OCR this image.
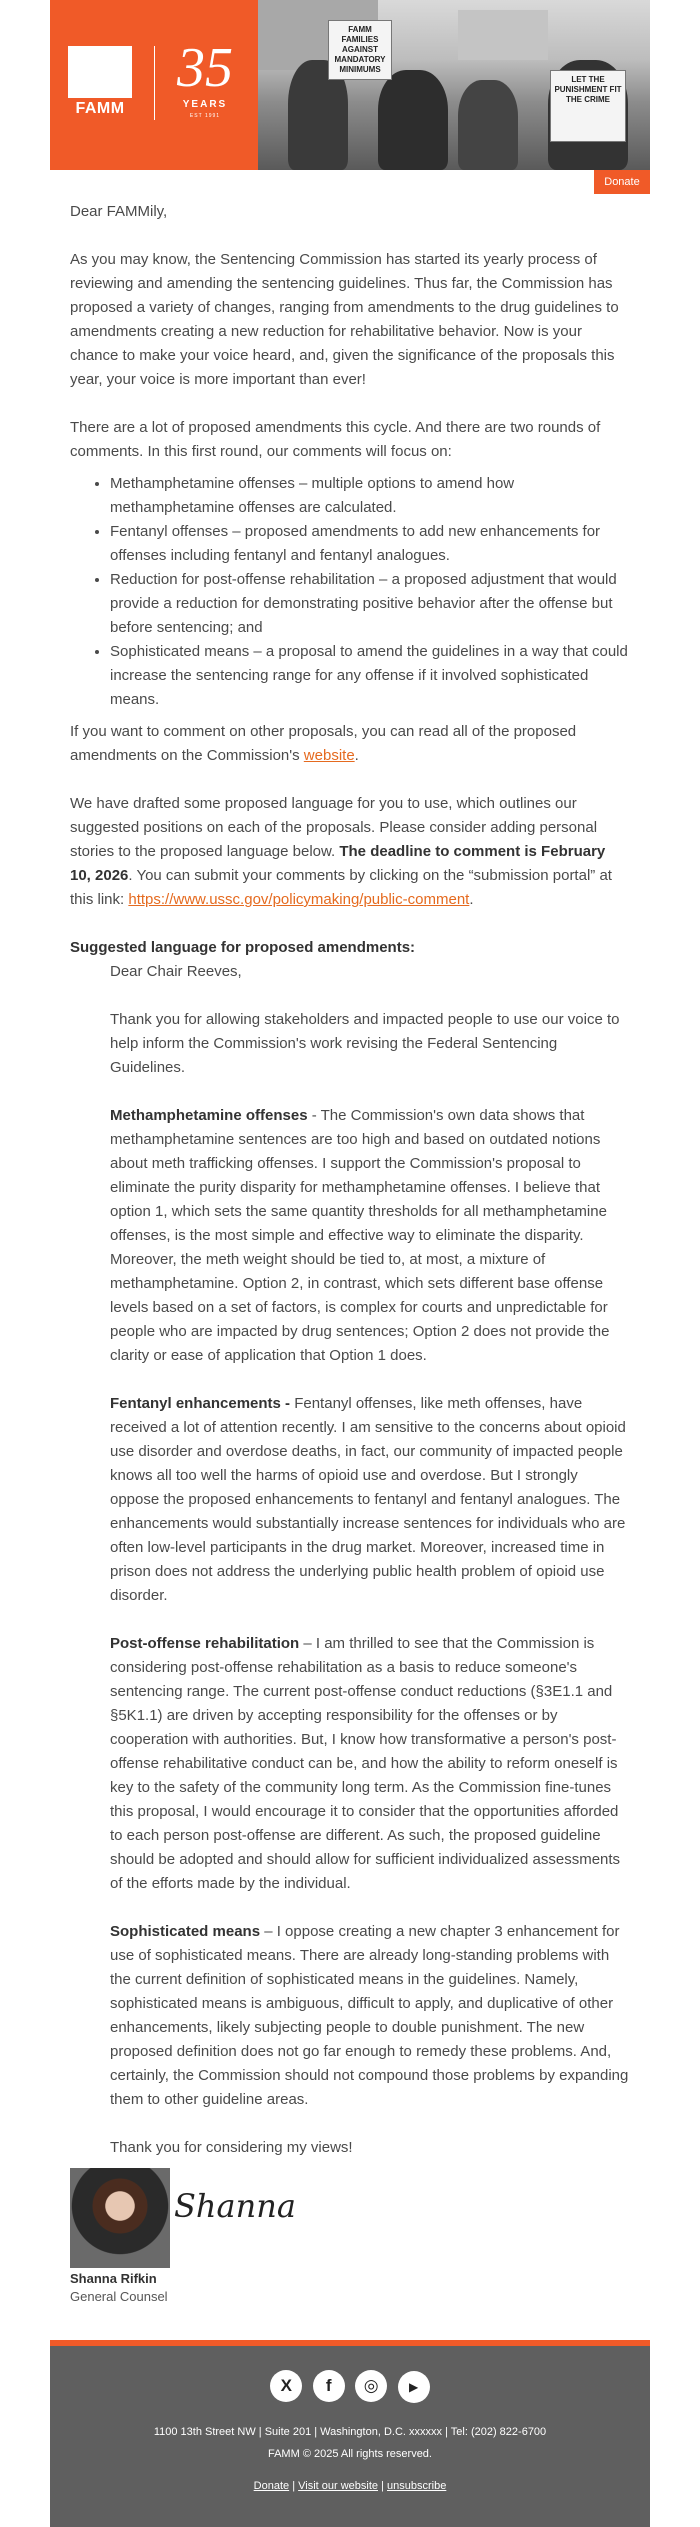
FAMM
35
YEARS
EST 1991
FAMM FAMILIES AGAINST MANDATORY MINIMUMS
LET THE PUNISHMENT FIT THE CRIME
Donate
Dear FAMMily,
As you may know, the Sentencing Commission has started its yearly process of reviewing and amending the sentencing guidelines. Thus far, the Commission has proposed a variety of changes, ranging from amendments to the drug guidelines to amendments creating a new reduction for rehabilitative behavior. Now is your chance to make your voice heard, and, given the significance of the proposals this year, your voice is more important than ever!
There are a lot of proposed amendments this cycle. And there are two rounds of comments. In this first round, our comments will focus on:
• Methamphetamine offenses – multiple options to amend how methamphetamine offenses are calculated.
• Fentanyl offenses – proposed amendments to add new enhancements for offenses including fentanyl and fentanyl analogues.
• Reduction for post-offense rehabilitation – a proposed adjustment that would provide a reduction for demonstrating positive behavior after the offense but before sentencing; and
• Sophisticated means – a proposal to amend the guidelines in a way that could increase the sentencing range for any offense if it involved sophisticated means.
If you want to comment on other proposals, you can read all of the proposed amendments on the Commission's website.
We have drafted some proposed language for you to use, which outlines our suggested positions on each of the proposals. Please consider adding personal stories to the proposed language below. The deadline to comment is February 10, 2026. You can submit your comments by clicking on the “submission portal” at this link: https://www.ussc.gov/policymaking/public-comment.
Suggested language for proposed amendments:
Dear Chair Reeves,
Thank you for allowing stakeholders and impacted people to use our voice to help inform the Commission's work revising the Federal Sentencing Guidelines.
Methamphetamine offenses - The Commission's own data shows that methamphetamine sentences are too high and based on outdated notions about meth trafficking offenses. I support the Commission's proposal to eliminate the purity disparity for methamphetamine offenses. I believe that option 1, which sets the same quantity thresholds for all methamphetamine offenses, is the most simple and effective way to eliminate the disparity. Moreover, the meth weight should be tied to, at most, a mixture of methamphetamine. Option 2, in contrast, which sets different base offense levels based on a set of factors, is complex for courts and unpredictable for people who are impacted by drug sentences; Option 2 does not provide the clarity or ease of application that Option 1 does.
Fentanyl enhancements - Fentanyl offenses, like meth offenses, have received a lot of attention recently. I am sensitive to the concerns about opioid use disorder and overdose deaths, in fact, our community of impacted people knows all too well the harms of opioid use and overdose. But I strongly oppose the proposed enhancements to fentanyl and fentanyl analogues. The enhancements would substantially increase sentences for individuals who are often low-level participants in the drug market. Moreover, increased time in prison does not address the underlying public health problem of opioid use disorder.
Post-offense rehabilitation – I am thrilled to see that the Commission is considering post-offense rehabilitation as a basis to reduce someone's sentencing range. The current post-offense conduct reductions (§3E1.1 and §5K1.1) are driven by accepting responsibility for the offenses or by cooperation with authorities. But, I know how transformative a person's post-offense rehabilitative conduct can be, and how the ability to reform oneself is key to the safety of the community long term. As the Commission fine-tunes this proposal, I would encourage it to consider that the opportunities afforded to each person post-offense are different. As such, the proposed guideline should be adopted and should allow for sufficient individualized assessments of the efforts made by the individual.
Sophisticated means – I oppose creating a new chapter 3 enhancement for use of sophisticated means. There are already long-standing problems with the current definition of sophisticated means in the guidelines. Namely, sophisticated means is ambiguous, difficult to apply, and duplicative of other enhancements, likely subjecting people to double punishment. The new proposed definition does not go far enough to remedy these problems. And, certainly, the Commission should not compound those problems by expanding them to other guideline areas.
Thank you for considering my views!
Shanna
Shanna Rifkin
General Counsel
X f ◎	▶
1100 13th Street NW | Suite 201 | Washington, D.C. xxxxxx | Tel: (202) 822-6700
FAMM © 2025 All rights reserved.
Donate | Visit our website | unsubscribe
